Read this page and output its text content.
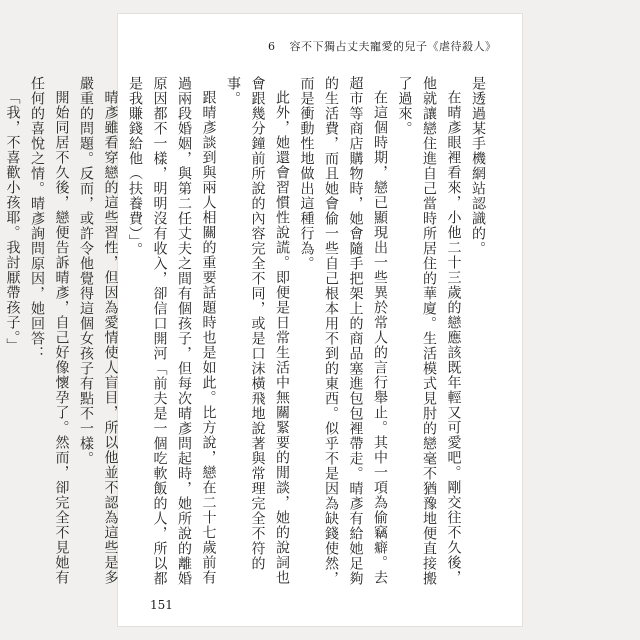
6 容不下獨占丈夫寵愛的兒子《虐待殺人》

是透過某手機網站認識的。

在晴彥眼裡看來，小他二十三歲的戀應該既年輕又可愛吧。剛交往不久後，他就讓戀住進自己當時所居住的華廈。生活模式見肘的戀毫不猶豫地便直接搬了過來。

在這個時期，戀已顯現出一些異於常人的言行舉止。其中一項為偷竊癖。去超市等商店購物時，她會隨手把架上的商品塞進包包裡帶走。晴彥有給她足夠的生活費，而且她會偷一些自己根本用不到的東西。似乎不是因為缺錢使然，而是衝動性地做出這種行為。

此外，她還會習慣性說謊。即便是日常生活中無關緊要的閒談，她的說詞也會跟幾分鐘前所說的內容完全不同，或是口沫橫飛地說著與常理完全不符的事。

跟晴彥談到與兩人相關的重要話題時也是如此。比方說，戀在二十七歲前有過兩段婚姻，與第二任丈夫之間有個孩子，但每次晴彥問起時，她所說的離婚原因都不一樣，明明沒有收入，卻信口開河「前夫是一個吃軟飯的人，所以都是我賺錢給他（扶養費）」。

晴彥雖看穿戀的這些習性，但因為愛情使人盲目，所以他並不認為這些是多嚴重的問題。反而，或許令他覺得這個女孩子有點不一樣。

開始同居不久後，戀便告訴晴彥，自己好像懷孕了。然而，卻完全不見她有任何的喜悅之情。晴彥詢問原因，她回答：

「我，不喜歡小孩耶。我討厭帶孩子。」

151
